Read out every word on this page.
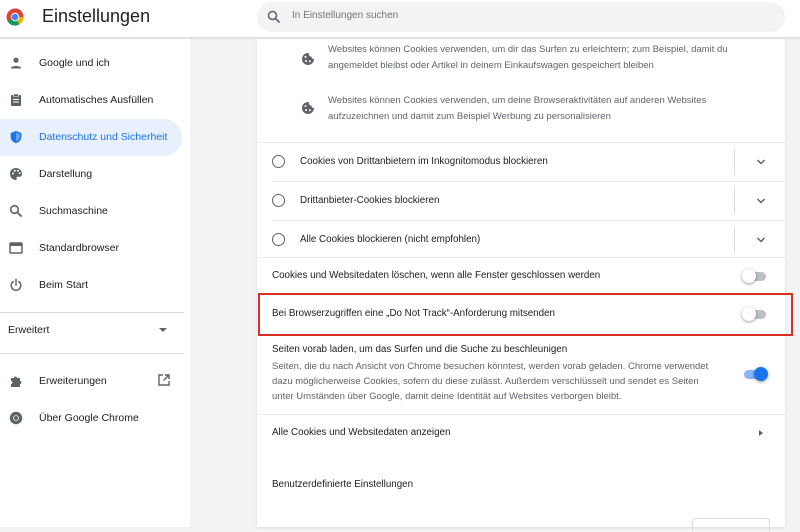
Einstellungen
In Einstellungen suchen
Google und ich
Automatisches Ausfüllen
Datenschutz und Sicherheit
Darstellung
Suchmaschine
Standardbrowser
Beim Start
Erweitert
Erweiterungen
Über Google Chrome
Websites können Cookies verwenden, um dir das Surfen zu erleichtern; zum Beispiel, damit du angemeldet bleibst oder Artikel in deinem Einkaufswagen gespeichert bleiben
Websites können Cookies verwenden, um deine Browseraktivitäten auf anderen Websites aufzuzeichnen und damit zum Beispiel Werbung zu personalisieren
Cookies von Drittanbietern im Inkognitomodus blockieren
Drittanbieter-Cookies blockieren
Alle Cookies blockieren (nicht empfohlen)
Cookies und Websitedaten löschen, wenn alle Fenster geschlossen werden
Bei Browserzugriffen eine „Do Not Track“-Anforderung mitsenden
Seiten vorab laden, um das Surfen und die Suche zu beschleunigen
Seiten, die du nach Ansicht von Chrome besuchen könntest, werden vorab geladen. Chrome verwendet dazu möglicherweise Cookies, sofern du diese zulässt. Außerdem verschlüsselt und sendet es Seiten unter Umständen über Google, damit deine Identität auf Websites verborgen bleibt.
Alle Cookies und Websitedaten anzeigen
Benutzerdefinierte Einstellungen
